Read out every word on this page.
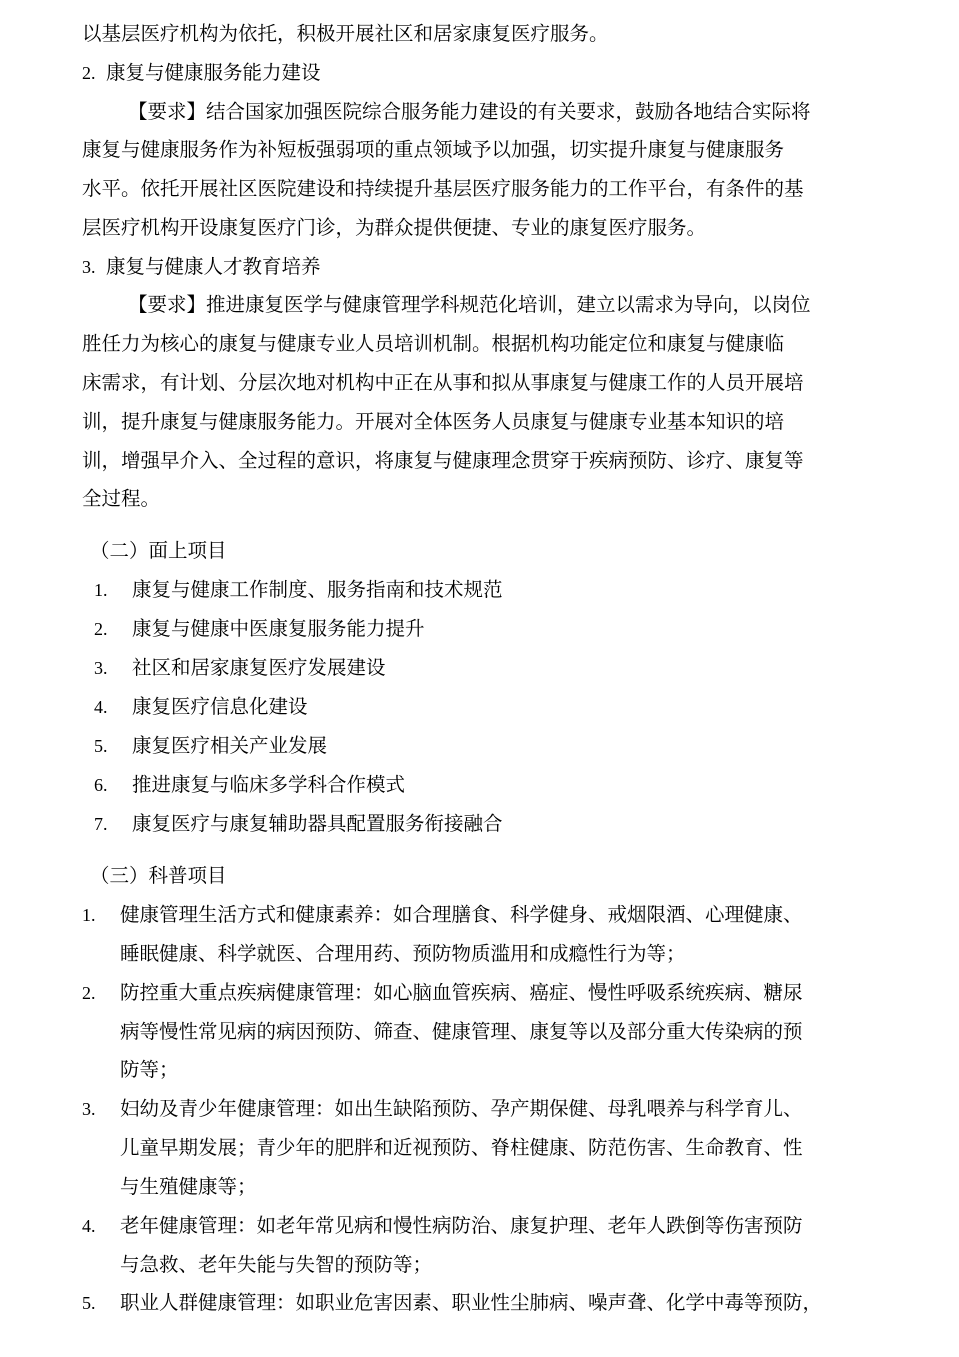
以基层医疗机构为依托，积极开展社区和居家康复医疗服务。
2. 康复与健康服务能力建设
【要求】结合国家加强医院综合服务能力建设的有关要求，鼓励各地结合实际将
康复与健康服务作为补短板强弱项的重点领域予以加强，切实提升康复与健康服务
水平。依托开展社区医院建设和持续提升基层医疗服务能力的工作平台，有条件的基
层医疗机构开设康复医疗门诊，为群众提供便捷、专业的康复医疗服务。
3. 康复与健康人才教育培养
【要求】推进康复医学与健康管理学科规范化培训，建立以需求为导向，以岗位
胜任力为核心的康复与健康专业人员培训机制。根据机构功能定位和康复与健康临
床需求，有计划、分层次地对机构中正在从事和拟从事康复与健康工作的人员开展培
训，提升康复与健康服务能力。开展对全体医务人员康复与健康专业基本知识的培
训，增强早介入、全过程的意识，将康复与健康理念贯穿于疾病预防、诊疗、康复等
全过程。
（二）面上项目
1. 康复与健康工作制度、服务指南和技术规范
2. 康复与健康中医康复服务能力提升
3. 社区和居家康复医疗发展建设
4. 康复医疗信息化建设
5. 康复医疗相关产业发展
6. 推进康复与临床多学科合作模式
7. 康复医疗与康复辅助器具配置服务衔接融合
（三）科普项目
1. 健康管理生活方式和健康素养：如合理膳食、科学健身、戒烟限酒、心理健康、
睡眠健康、科学就医、合理用药、预防物质滥用和成瘾性行为等；
2. 防控重大重点疾病健康管理：如心脑血管疾病、癌症、慢性呼吸系统疾病、糖尿
病等慢性常见病的病因预防、筛查、健康管理、康复等以及部分重大传染病的预
防等；
3. 妇幼及青少年健康管理：如出生缺陷预防、孕产期保健、母乳喂养与科学育儿、
儿童早期发展；青少年的肥胖和近视预防、脊柱健康、防范伤害、生命教育、性
与生殖健康等；
4. 老年健康管理：如老年常见病和慢性病防治、康复护理、老年人跌倒等伤害预防
与急救、老年失能与失智的预防等；
5. 职业人群健康管理：如职业危害因素、职业性尘肺病、噪声聋、化学中毒等预防，
